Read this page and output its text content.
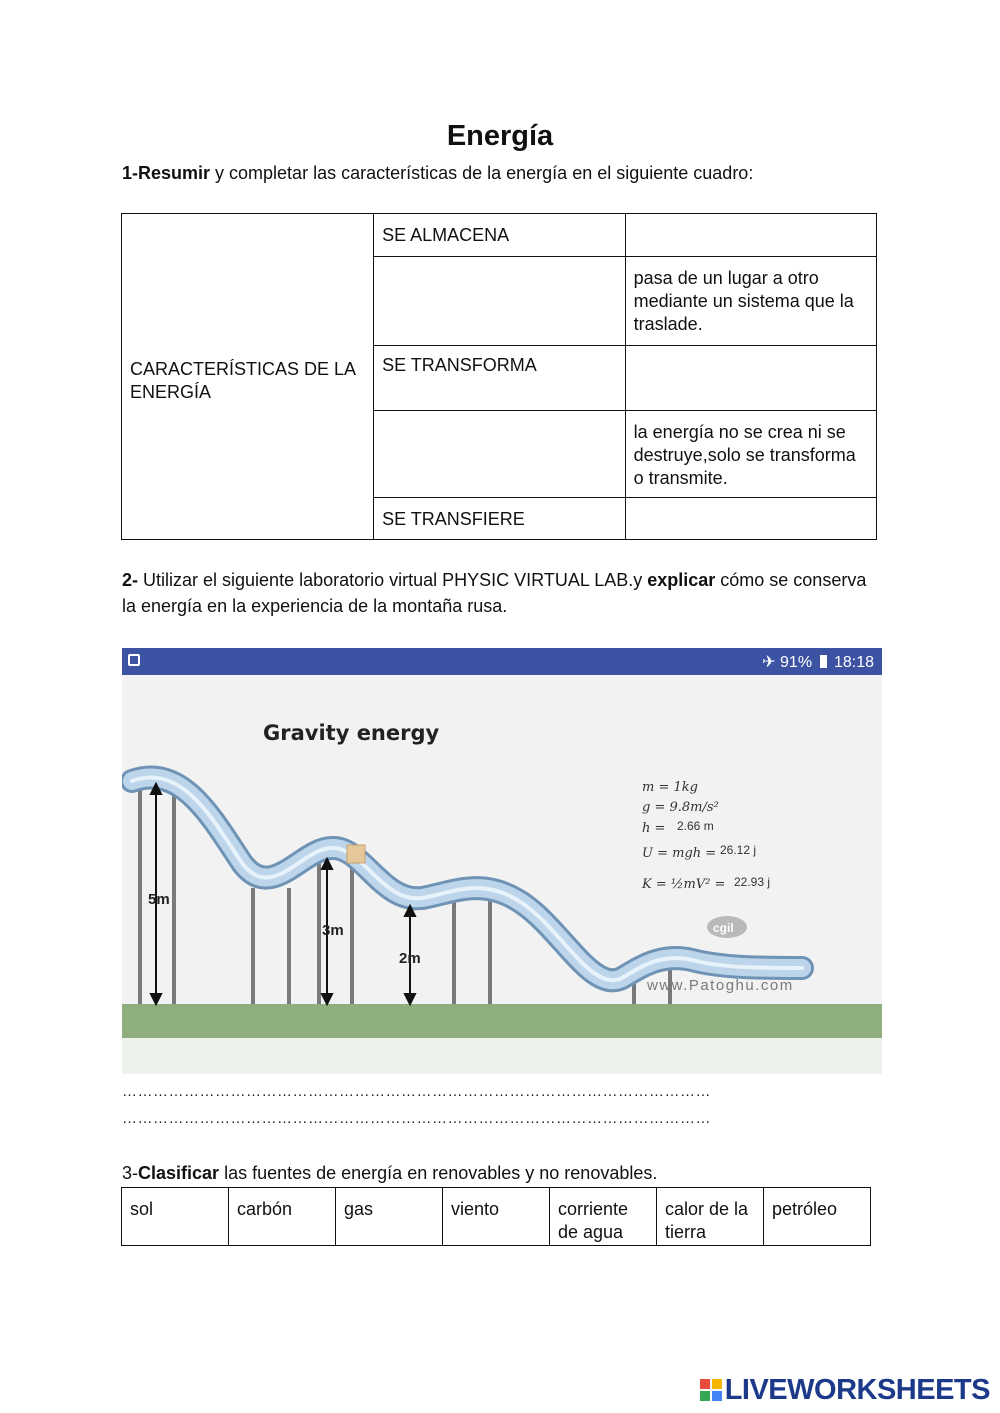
Energía
1-Resumir y completar las características de la energía en el siguiente cuadro:
CARACTERÍSTICAS DE LA ENERGÍA	SE ALMACENA	
		pasa de un lugar a otro mediante un sistema que la traslade.
	SE TRANSFORMA	
		la energía no se crea ni se destruye,solo se transforma o transmite.
	SE TRANSFIERE	
2- Utilizar el siguiente laboratorio virtual PHYSIC VIRTUAL LAB.y explicar cómo se conserva la energía en la experiencia de la montaña rusa.
✈ 91% 18:18
5m
3m
2m
Gravity energy
m = 1kg
g = 9.8m/s²
h = 2.66 m
U = mgh = 26.12 j
K = ½mV² = 22.93 j
cgil
www.Patoghu.com
……………………………………………………………………………………………………
……………………………………………………………………………………………………
3-Clasificar las fuentes de energía en renovables y no renovables.
sol	carbón	gas	viento	corriente de agua	calor de la tierra	petróleo
LIVEWORKSHEETS
